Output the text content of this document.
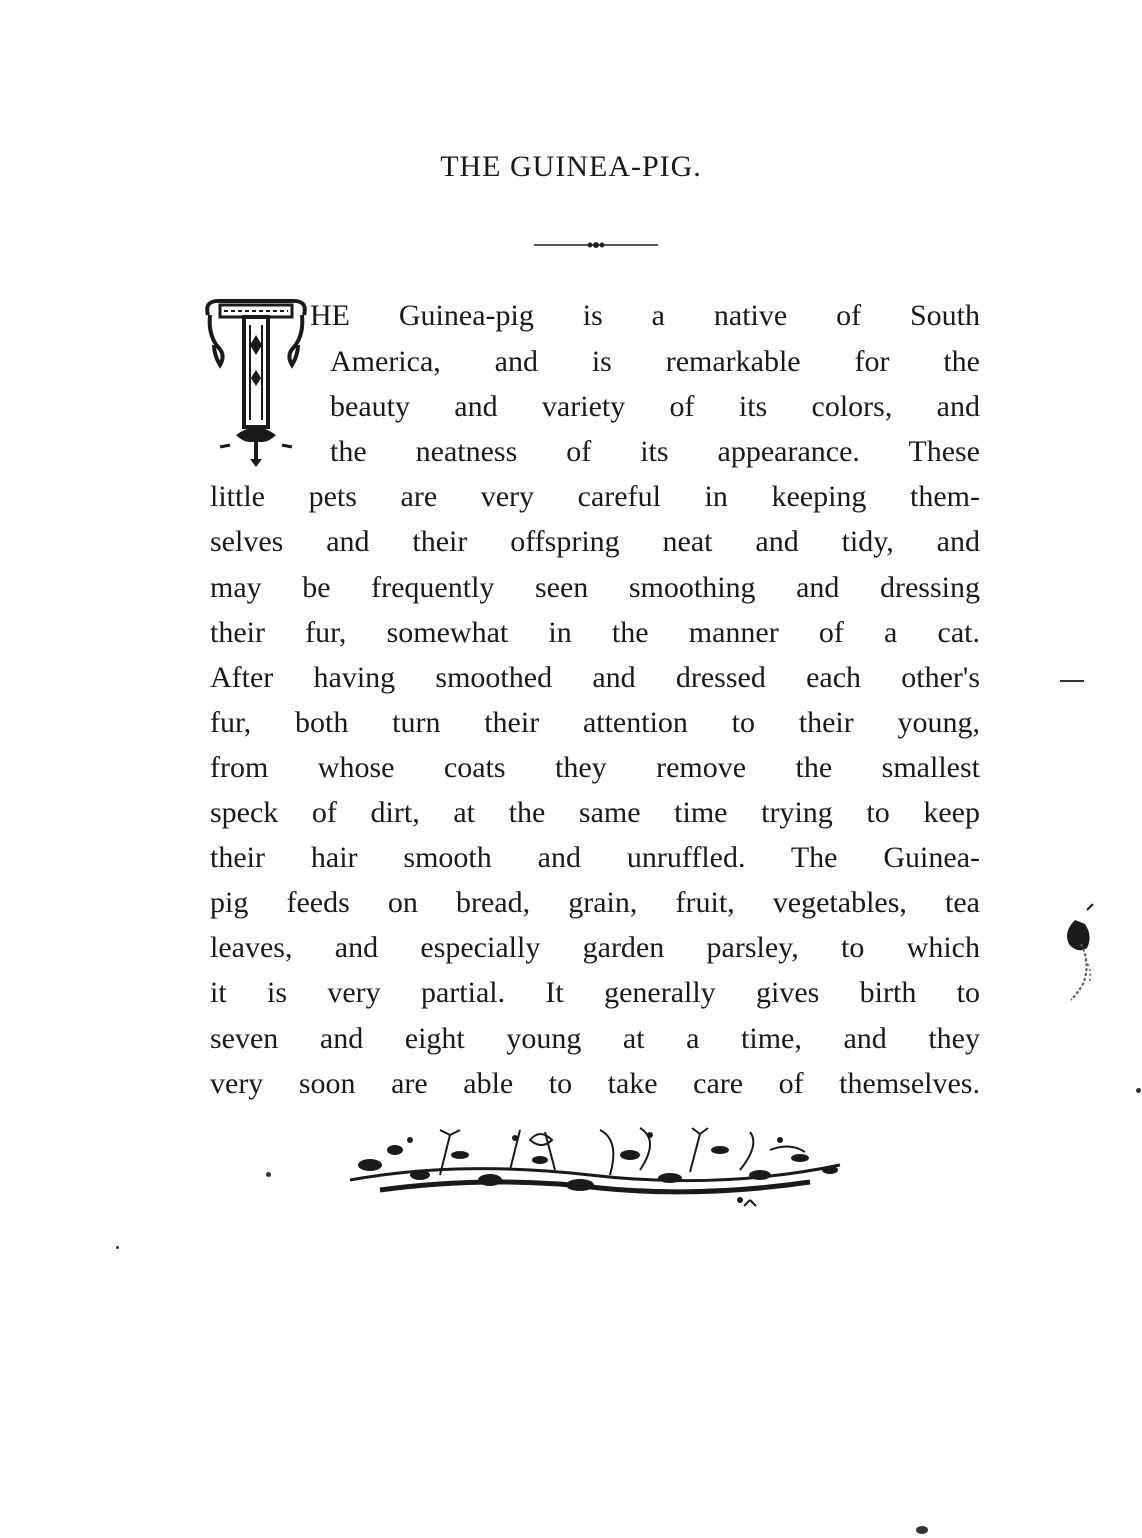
THE GUINEA-PIG.
HE Guinea-pig is a native of South
America, and is remarkable for the
beauty and variety of its colors, and
the neatness of its appearance. These
little pets are very careful in keeping them-
selves and their offspring neat and tidy, and
may be frequently seen smoothing and dressing
their fur, somewhat in the manner of a cat.
After having smoothed and dressed each other's
fur, both turn their attention to their young,
from whose coats they remove the smallest
speck of dirt, at the same time trying to keep
their hair smooth and unruffled. The Guinea-
pig feeds on bread, grain, fruit, vegetables, tea
leaves, and especially garden parsley, to which
it is very partial. It generally gives birth to
seven and eight young at a time, and they
very soon are able to take care of themselves.
